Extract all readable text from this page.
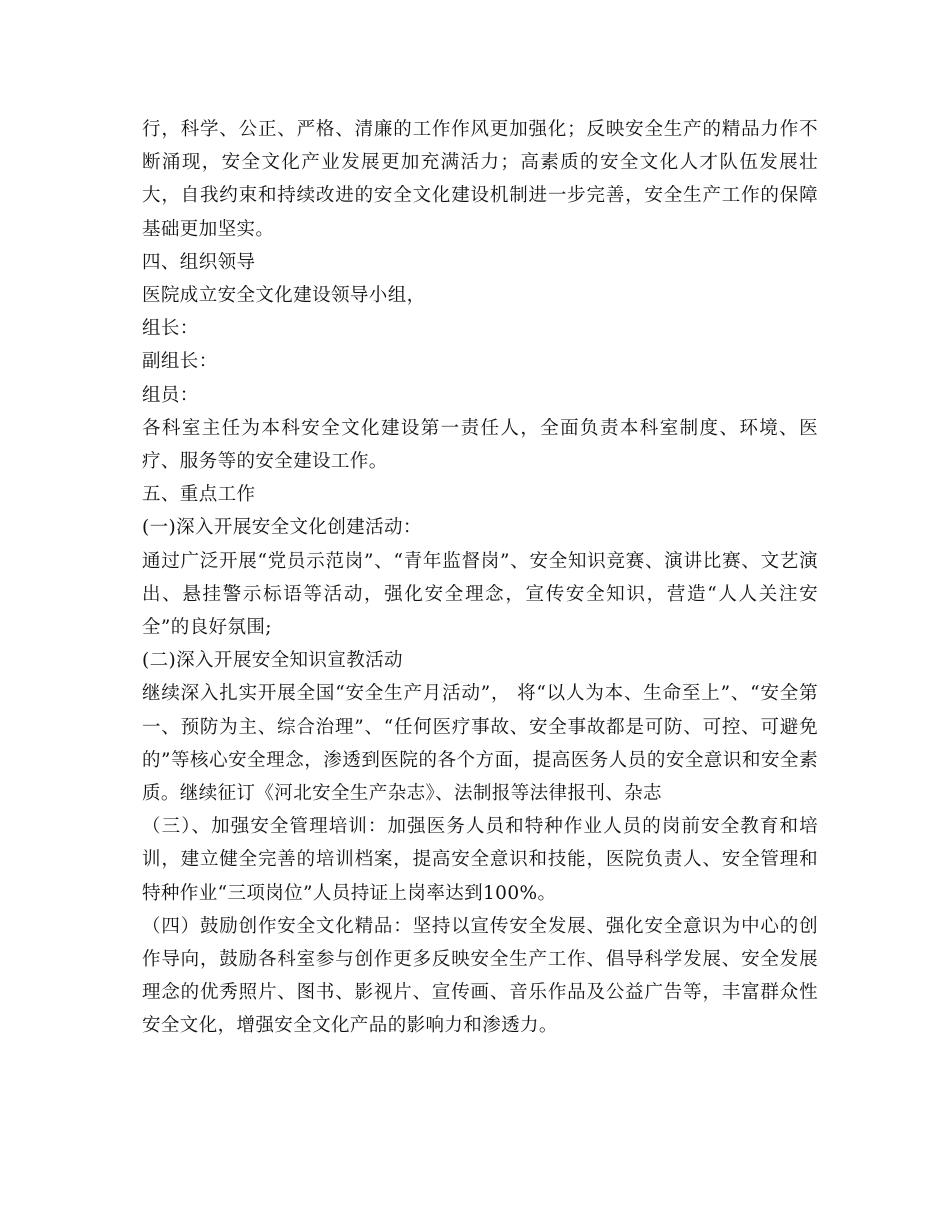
行，科学、公正、严格、清廉的工作作风更加强化；反映安全生产的精品力作不断涌现，安全文化产业发展更加充满活力；高素质的安全文化人才队伍发展壮大，自我约束和持续改进的安全文化建设机制进一步完善，安全生产工作的保障基础更加坚实。

四、组织领导

医院成立安全文化建设领导小组，

组长：

副组长：

组员：

各科室主任为本科安全文化建设第一责任人，全面负责本科室制度、环境、医疗、服务等的安全建设工作。

五、重点工作

(一)深入开展安全文化创建活动：

通过广泛开展“党员示范岗”、“青年监督岗”、安全知识竞赛、演讲比赛、文艺演出、悬挂警示标语等活动，强化安全理念，宣传安全知识，营造“人人关注安全”的良好氛围;

(二)深入开展安全知识宣教活动

继续深入扎实开展全国“安全生产月活动”， 将“以人为本、生命至上”、“安全第一、预防为主、综合治理”、“任何医疗事故、安全事故都是可防、可控、可避免的”等核心安全理念，渗透到医院的各个方面，提高医务人员的安全意识和安全素质。继续征订《河北安全生产杂志》、法制报等法律报刊、杂志

（三）、加强安全管理培训：加强医务人员和特种作业人员的岗前安全教育和培训，建立健全完善的培训档案，提高安全意识和技能，医院负责人、安全管理和特种作业“三项岗位”人员持证上岗率达到100%。

（四）鼓励创作安全文化精品：坚持以宣传安全发展、强化安全意识为中心的创作导向，鼓励各科室参与创作更多反映安全生产工作、倡导科学发展、安全发展理念的优秀照片、图书、影视片、宣传画、音乐作品及公益广告等，丰富群众性安全文化，增强安全文化产品的影响力和渗透力。
